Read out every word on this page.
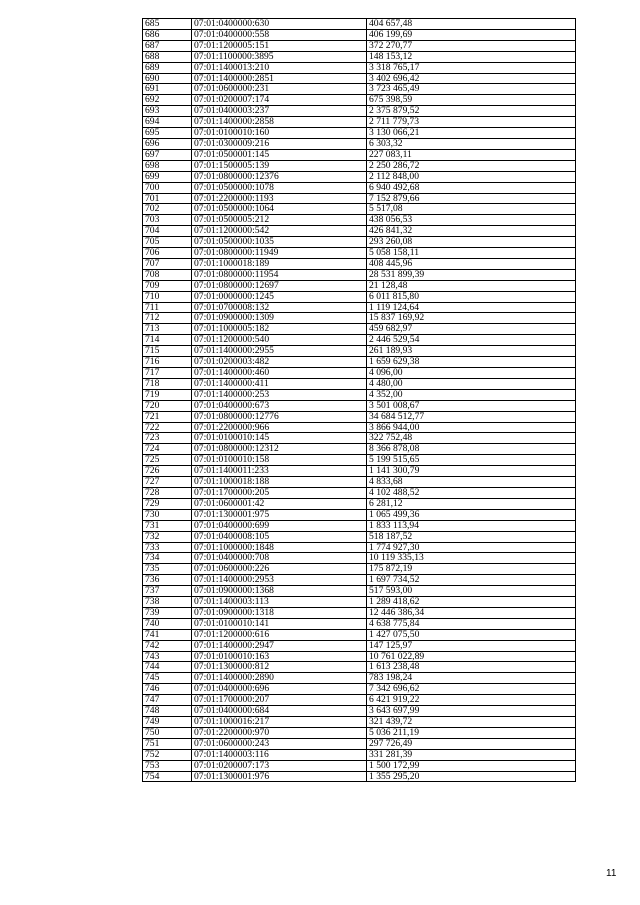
685	07:01:0400000:630	404 657,48
686	07:01:0400000:558	406 199,69
687	07:01:1200005:151	372 270,77
688	07:01:1100000:3895	148 153,12
689	07:01:1400013:210	3 318 765,17
690	07:01:1400000:2851	3 402 696,42
691	07:01:0600000:231	3 723 465,49
692	07:01:0200007:174	675 398,59
693	07:01:0400003:237	2 375 879,52
694	07:01:1400000:2858	2 711 779,73
695	07:01:0100010:160	3 130 066,21
696	07:01:0300009:216	6 303,32
697	07:01:0500001:145	227 083,11
698	07:01:1500005:139	2 250 286,72
699	07:01:0800000:12376	2 112 848,00
700	07:01:0500000:1078	6 940 492,68
701	07:01:2200000:1193	7 152 879,66
702	07:01:0500000:1064	5 517,08
703	07:01:0500005:212	438 056,53
704	07:01:1200000:542	426 841,32
705	07:01:0500000:1035	293 260,08
706	07:01:0800000:11949	5 058 158,11
707	07:01:1000018:189	408 445,96
708	07:01:0800000:11954	28 531 899,39
709	07:01:0800000:12697	21 128,48
710	07:01:0000000:1245	6 011 815,80
711	07:01:0700008:132	1 119 124,64
712	07:01:0900000:1309	15 837 169,92
713	07:01:1000005:182	459 682,97
714	07:01:1200000:540	2 446 529,54
715	07:01:1400000:2955	261 189,93
716	07:01:0200003:482	1 659 629,38
717	07:01:1400000:460	4 096,00
718	07:01:1400000:411	4 480,00
719	07:01:1400000:253	4 352,00
720	07:01:0400000:673	3 501 008,67
721	07:01:0800000:12776	34 684 512,77
722	07:01:2200000:966	3 866 944,00
723	07:01:0100010:145	322 752,48
724	07:01:0800000:12312	8 366 878,08
725	07:01:0100010:158	5 199 515,65
726	07:01:1400011:233	1 141 300,79
727	07:01:1000018:188	4 833,68
728	07:01:1700000:205	4 102 488,52
729	07:01:0600001:42	6 281,12
730	07:01:1300001:975	1 065 499,36
731	07:01:0400000:699	1 833 113,94
732	07:01:0400008:105	518 187,52
733	07:01:1000000:1848	1 774 927,30
734	07:01:0400000:708	10 119 335,13
735	07:01:0600000:226	175 872,19
736	07:01:1400000:2953	1 697 734,52
737	07:01:0900000:1368	517 593,00
738	07:01:1400003:113	1 289 418,62
739	07:01:0900000:1318	12 446 386,34
740	07:01:0100010:141	4 638 775,84
741	07:01:1200000:616	1 427 075,50
742	07:01:1400000:2947	147 125,97
743	07:01:0100010:163	10 761 022,89
744	07:01:1300000:812	1 613 238,48
745	07:01:1400000:2890	783 198,24
746	07:01:0400000:696	7 342 696,62
747	07:01:1700000:207	6 421 919,22
748	07:01:0400000:684	3 643 697,99
749	07:01:1000016:217	321 439,72
750	07:01:2200000:970	5 036 211,19
751	07:01:0600000:243	297 726,49
752	07:01:1400003:116	331 281,39
753	07:01:0200007:173	1 500 172,99
754	07:01:1300001:976	1 355 295,20
11
